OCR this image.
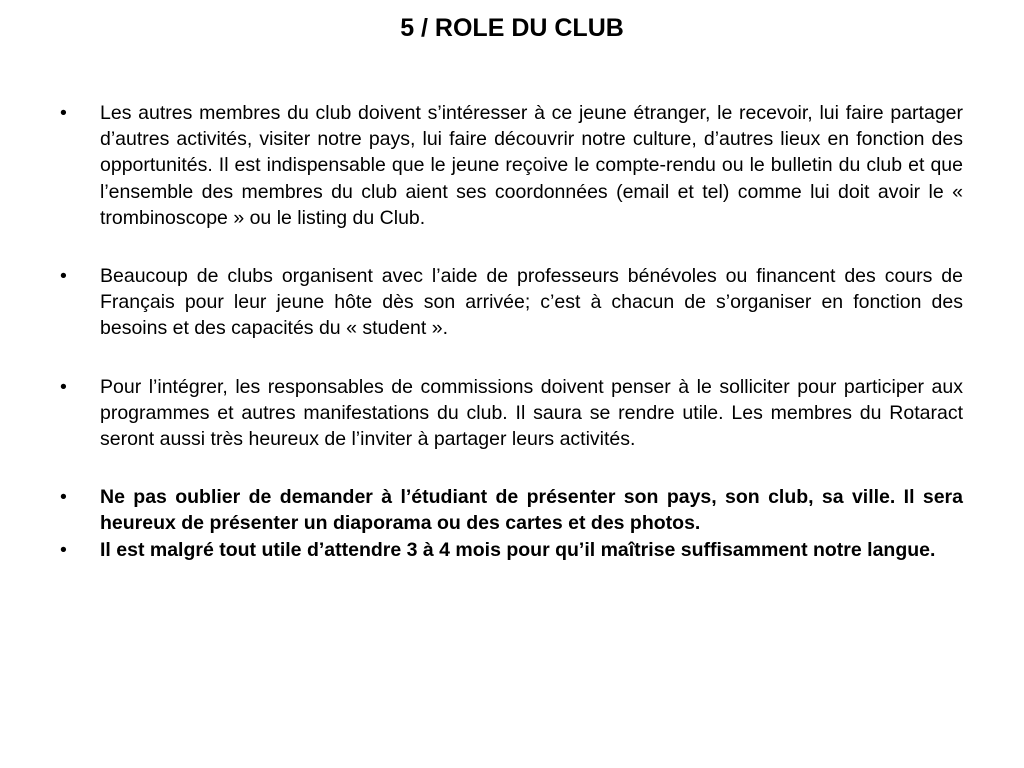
5 / ROLE DU CLUB
• Les autres membres du club doivent s’intéresser à ce jeune étranger, le recevoir, lui faire partager d’autres activités, visiter notre pays, lui faire découvrir notre culture, d’autres lieux en fonction des opportunités. Il est indispensable que le jeune reçoive le compte-rendu ou le bulletin du club et que l’ensemble des membres du club aient ses coordonnées (email et tel) comme lui doit avoir le « trombinoscope » ou le listing du Club.
• Beaucoup de clubs organisent avec l’aide de professeurs bénévoles ou financent des cours de Français pour leur jeune hôte dès son arrivée; c’est à chacun de s’organiser en fonction des besoins et des capacités du « student ».
• Pour l’intégrer, les responsables de commissions doivent penser à le solliciter pour participer aux programmes et autres manifestations du club. Il saura se rendre utile. Les membres du Rotaract seront aussi très heureux de l’inviter à partager leurs activités.
• Ne pas oublier de demander à l’étudiant de présenter son pays, son club, sa ville. Il sera heureux de présenter un diaporama ou des cartes et des photos.
• Il est malgré tout utile d’attendre 3 à 4 mois pour qu’il maîtrise suffisamment notre langue.
